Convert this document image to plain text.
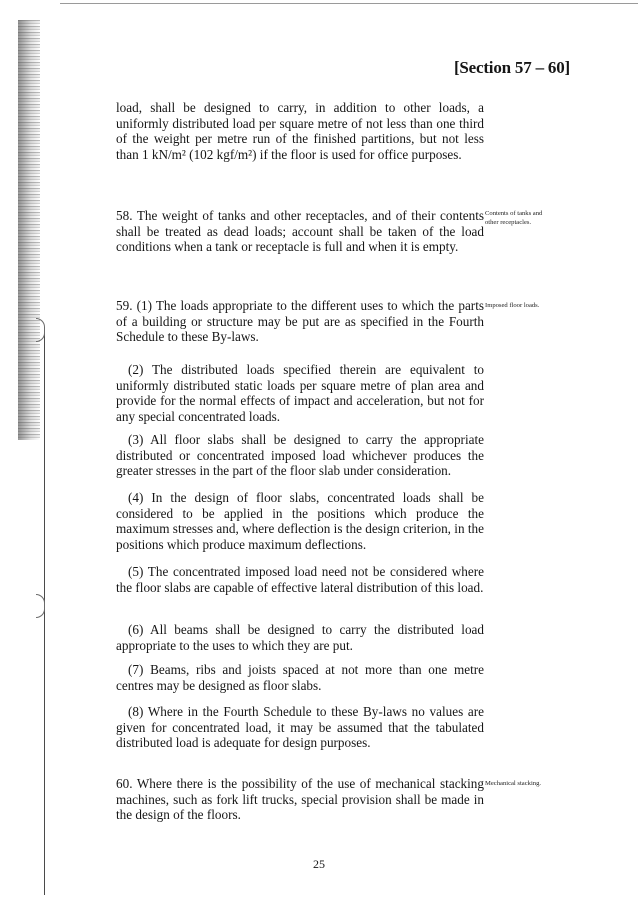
[Section 57 – 60]

load, shall be designed to carry, in addition to other loads, a uniformly distributed load per square metre of not less than one third of the weight per metre run of the finished partitions, but not less than 1 kN/m² (102 kgf/m²) if the floor is used for office purposes.

58. The weight of tanks and other receptacles, and of their contents shall be treated as dead loads; account shall be taken of the load conditions when a tank or receptacle is full and when it is empty.

Contents of tanks and other receptacles.

59. (1) The loads appropriate to the different uses to which the parts of a building or structure may be put are as specified in the Fourth Schedule to these By-laws.

Imposed floor loads.

(2) The distributed loads specified therein are equivalent to uniformly distributed static loads per square metre of plan area and provide for the normal effects of impact and acceleration, but not for any special concentrated loads.

(3) All floor slabs shall be designed to carry the appropriate distributed or concentrated imposed load whichever produces the greater stresses in the part of the floor slab under consideration.

(4) In the design of floor slabs, concentrated loads shall be considered to be applied in the positions which produce the maximum stresses and, where deflection is the design criterion, in the positions which produce maximum deflections.

(5) The concentrated imposed load need not be considered where the floor slabs are capable of effective lateral distribution of this load.

(6) All beams shall be designed to carry the distributed load appropriate to the uses to which they are put.

(7) Beams, ribs and joists spaced at not more than one metre centres may be designed as floor slabs.

(8) Where in the Fourth Schedule to these By-laws no values are given for concentrated load, it may be assumed that the tabulated distributed load is adequate for design purposes.

60. Where there is the possibility of the use of mechanical stacking machines, such as fork lift trucks, special provision shall be made in the design of the floors.

Mechanical stacking.
25
